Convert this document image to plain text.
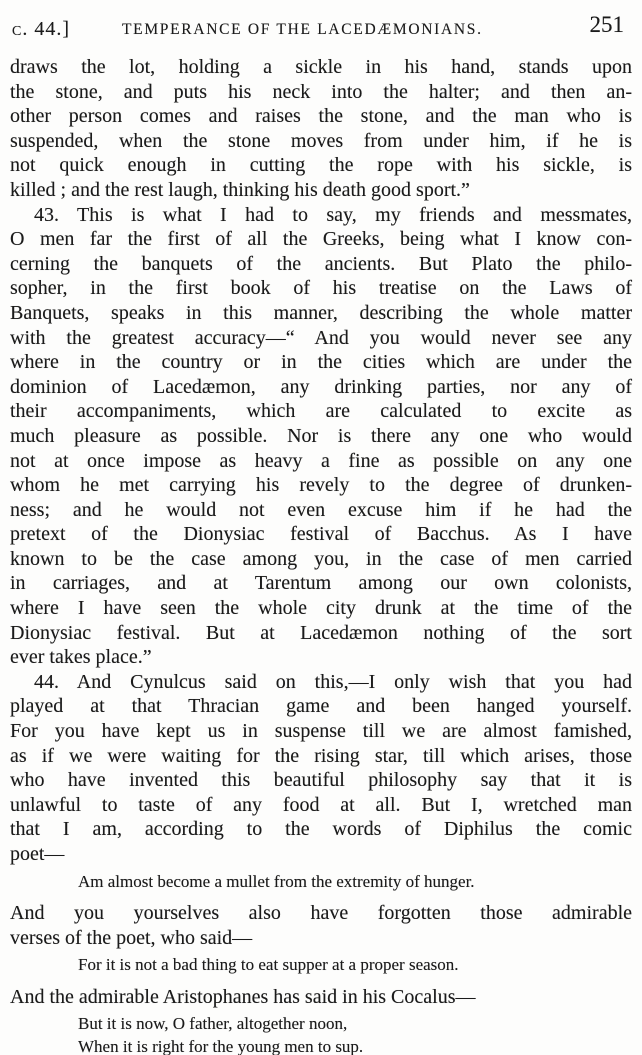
c. 44.]	TEMPERANCE OF THE LACEDÆMONIANS.	251
draws the lot, holding a sickle in his hand, stands upon
the stone, and puts his neck into the halter; and then an-
other person comes and raises the stone, and the man who is
suspended, when the stone moves from under him, if he is
not quick enough in cutting the rope with his sickle, is
killed ; and the rest laugh, thinking his death good sport.”
43. This is what I had to say, my friends and messmates,
O men far the first of all the Greeks, being what I know con-
cerning the banquets of the ancients. But Plato the philo-
sopher, in the first book of his treatise on the Laws of
Banquets, speaks in this manner, describing the whole matter
with the greatest accuracy—“ And you would never see any
where in the country or in the cities which are under the
dominion of Lacedæmon, any drinking parties, nor any of
their accompaniments, which are calculated to excite as
much pleasure as possible. Nor is there any one who would
not at once impose as heavy a fine as possible on any one
whom he met carrying his revely to the degree of drunken-
ness; and he would not even excuse him if he had the
pretext of the Dionysiac festival of Bacchus. As I have
known to be the case among you, in the case of men carried
in carriages, and at Tarentum among our own colonists,
where I have seen the whole city drunk at the time of the
Dionysiac festival. But at Lacedæmon nothing of the sort
ever takes place.”
44. And Cynulcus said on this,—I only wish that you had
played at that Thracian game and been hanged yourself.
For you have kept us in suspense till we are almost famished,
as if we were waiting for the rising star, till which arises, those
who have invented this beautiful philosophy say that it is
unlawful to taste of any food at all. But I, wretched man
that I am, according to the words of Diphilus the comic
poet—
Am almost become a mullet from the extremity of hunger.
And you yourselves also have forgotten those admirable
verses of the poet, who said—
For it is not a bad thing to eat supper at a proper season.
And the admirable Aristophanes has said in his Cocalus—
But it is now, O father, altogether noon,
When it is right for the young men to sup.
